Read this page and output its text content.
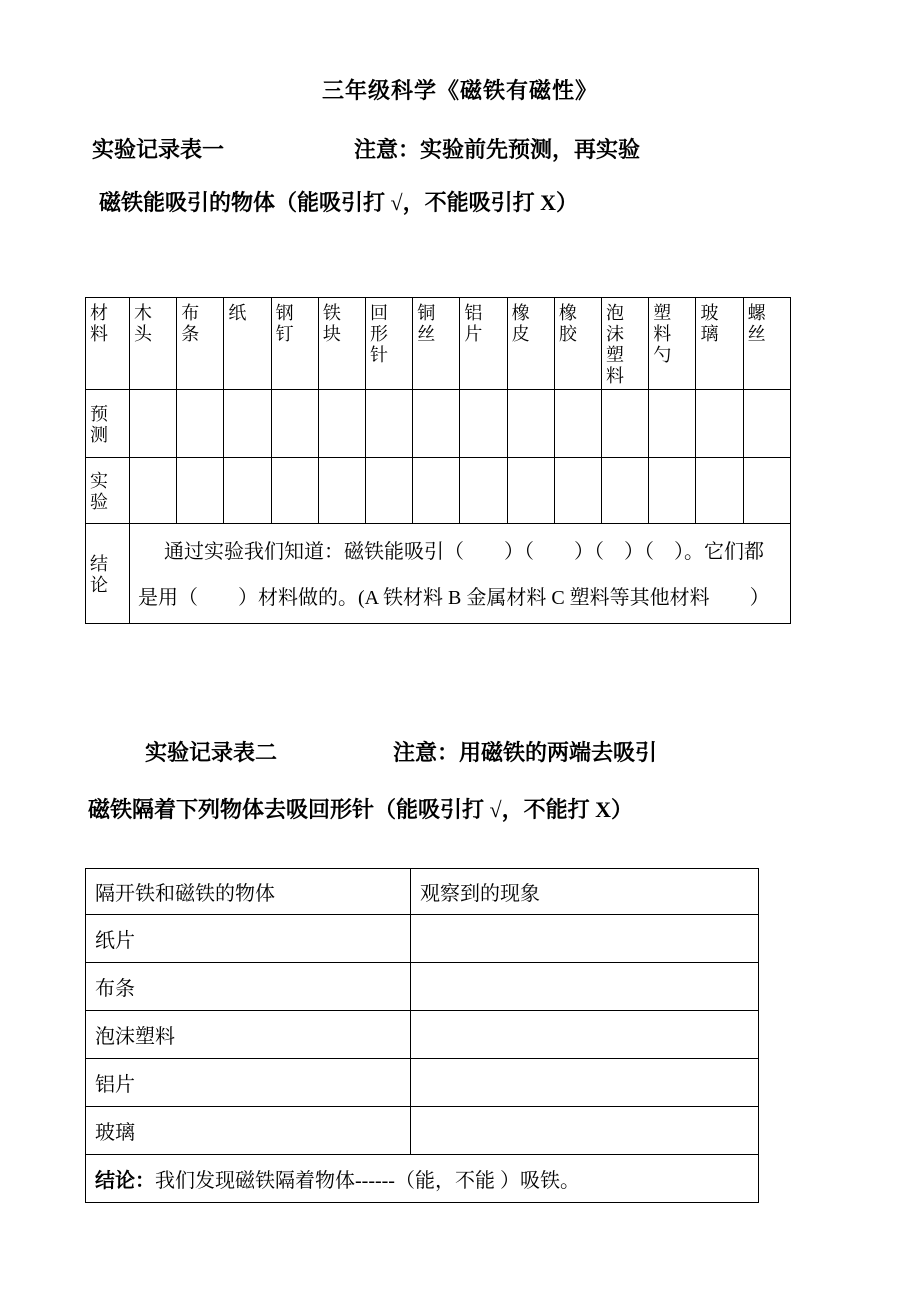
三年级科学《磁铁有磁性》
实验记录表一	注意：实验前先预测，再实验
磁铁能吸引的物体（能吸引打 √，不能吸引打 X）
材料	木头	布条	纸	钢钉	铁块	回形针	铜丝	铝片	橡皮	橡胶	泡沫塑料	塑料勺	玻璃	螺丝
预测														
实验														
结论	通过实验我们知道：磁铁能吸引（　　）（　　）（　）（　）。它们都
是用（　　）材料做的。(A 铁材料 B 金属材料 C 塑料等其他材料　　）													
实验记录表二	注意：用磁铁的两端去吸引
磁铁隔着下列物体去吸回形针（能吸引打 √，不能打 X）
隔开铁和磁铁的物体	观察到的现象
纸片	
布条	
泡沫塑料	
铝片	
玻璃	
结论：我们发现磁铁隔着物体------（能，不能 ）吸铁。	
